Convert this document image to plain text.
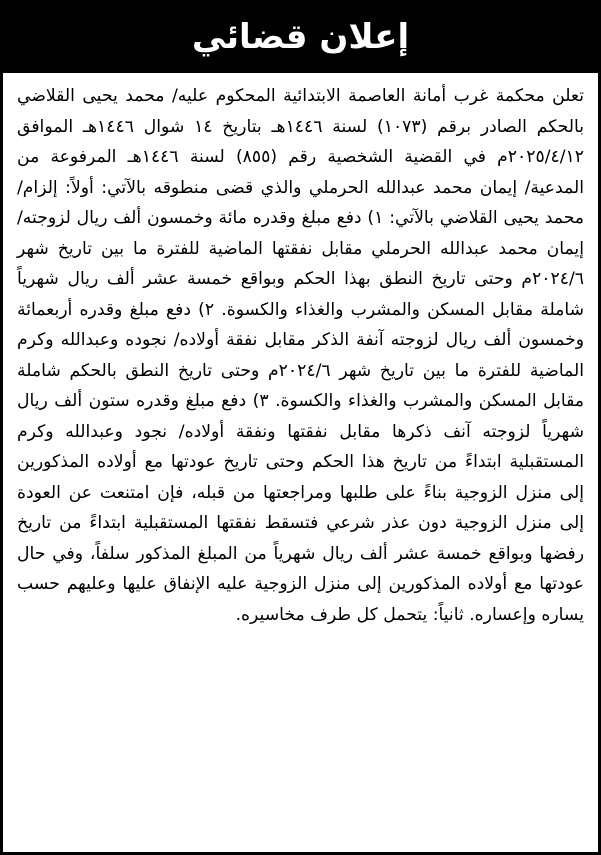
إعلان قضائي

تعلن محكمة غرب أمانة العاصمة الابتدائية المحكوم عليه/ محمد يحيى القلاضي بالحكم الصادر برقم (١٠٧٣) لسنة ١٤٤٦هـ بتاريخ ١٤ شوال ١٤٤٦هـ الموافق ٢٠٢٥/٤/١٢م في القضية الشخصية رقم (٨٥٥) لسنة ١٤٤٦هـ المرفوعة من المدعية/ إيمان محمد عبدالله الحرملي والذي قضى منطوقه بالآتي: أولاً: إلزام/ محمد يحيى القلاضي بالآتي: ١) دفع مبلغ وقدره مائة وخمسون ألف ريال لزوجته/ إيمان محمد عبدالله الحرملي مقابل نفقتها الماضية للفترة ما بين تاريخ شهر ٢٠٢٤/٦م وحتى تاريخ النطق بهذا الحكم وبواقع خمسة عشر ألف ريال شهرياً شاملة مقابل المسكن والمشرب والغذاء والكسوة. ٢) دفع مبلغ وقدره أربعمائة وخمسون ألف ريال لزوجته آنفة الذكر مقابل نفقة أولاده/ نجوده وعبدالله وكرم الماضية للفترة ما بين تاريخ شهر ٢٠٢٤/٦م وحتى تاريخ النطق بالحكم شاملة مقابل المسكن والمشرب والغذاء والكسوة. ٣) دفع مبلغ وقدره ستون ألف ريال شهرياً لزوجته آنف ذكرها مقابل نفقتها ونفقة أولاده/ نجود وعبدالله وكرم المستقبلية ابتداءً من تاريخ هذا الحكم وحتى تاريخ عودتها مع أولاده المذكورين إلى منزل الزوجية بناءً على طلبها ومراجعتها من قبله، فإن امتنعت عن العودة إلى منزل الزوجية دون عذر شرعي فتسقط نفقتها المستقبلية ابتداءً من تاريخ رفضها وبواقع خمسة عشر ألف ريال شهرياً من المبلغ المذكور سلفاً، وفي حال عودتها مع أولاده المذكورين إلى منزل الزوجية عليه الإنفاق عليها وعليهم حسب يساره وإعساره. ثانياً: يتحمل كل طرف مخاسيره.
